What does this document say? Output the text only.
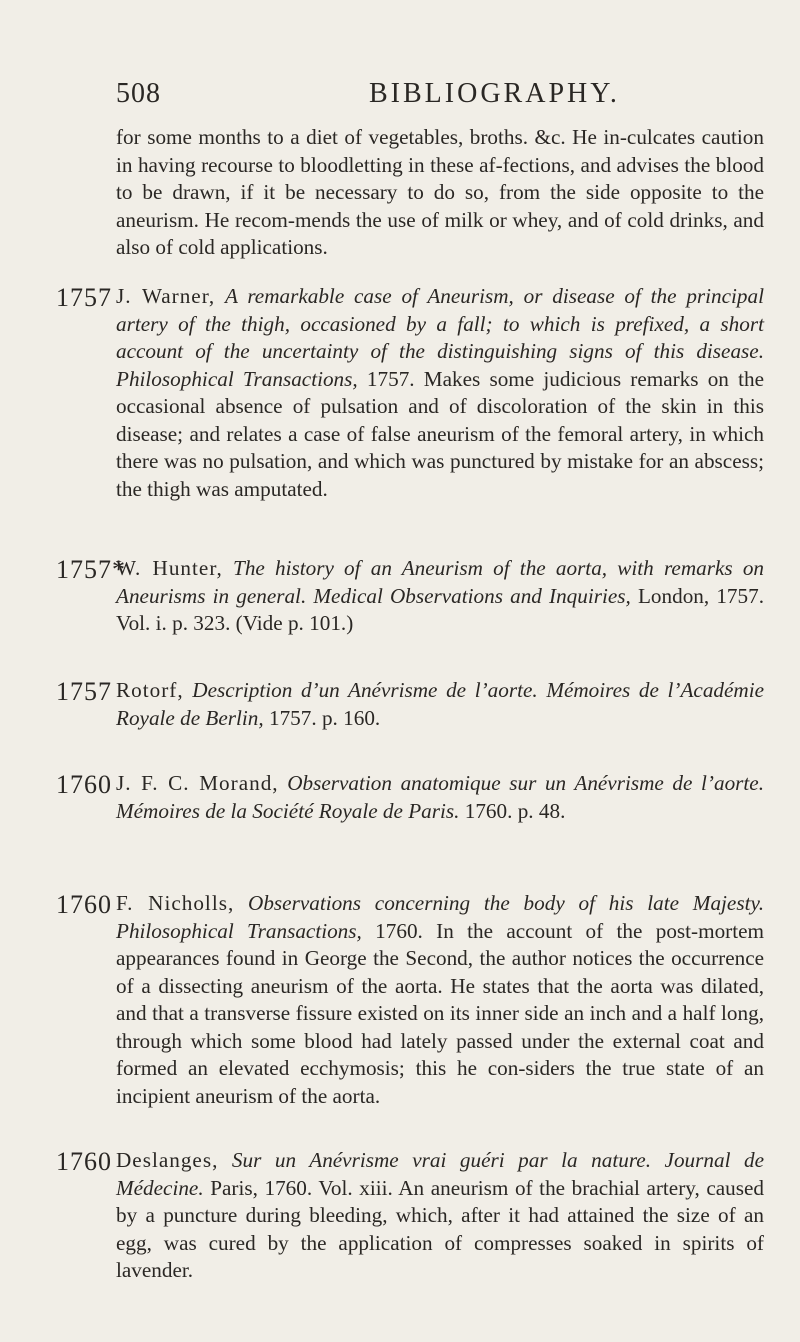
508	BIBLIOGRAPHY.

for some months to a diet of vegetables, broths. &c. He in-culcates caution in having recourse to bloodletting in these af-fections, and advises the blood to be drawn, if it be necessary to do so, from the side opposite to the aneurism. He recom-mends the use of milk or whey, and of cold drinks, and also of cold applications.

1757 J. Warner, A remarkable case of Aneurism, or disease of the principal artery of the thigh, occasioned by a fall; to which is prefixed, a short account of the uncertainty of the distinguishing signs of this disease. Philosophical Transactions, 1757. Makes some judicious remarks on the occasional absence of pulsation and of discoloration of the skin in this disease; and relates a case of false aneurism of the femoral artery, in which there was no pulsation, and which was punctured by mistake for an abscess; the thigh was amputated.

1757*

W. Hunter, The history of an Aneurism of the aorta, with remarks on Aneurisms in general. Medical Observations and Inquiries, London, 1757. Vol. i. p. 323. (Vide p. 101.)

1757 Rotorf, Description d’un Anévrisme de l’aorte. Mémoires de l’Académie Royale de Berlin, 1757. p. 160.

1760 J. F. C. Morand, Observation anatomique sur un Anévrisme de l’aorte. Mémoires de la Société Royale de Paris. 1760. p. 48.

1760 F. Nicholls, Observations concerning the body of his late Majesty. Philosophical Transactions, 1760. In the account of the post-mortem appearances found in George the Second, the author notices the occurrence of a dissecting aneurism of the aorta. He states that the aorta was dilated, and that a transverse fissure existed on its inner side an inch and a half long, through which some blood had lately passed under the external coat and formed an elevated ecchymosis; this he con-siders the true state of an incipient aneurism of the aorta.

1760 Deslanges, Sur un Anévrisme vrai guéri par la nature. Journal de Médecine. Paris, 1760. Vol. xiii. An aneurism of the brachial artery, caused by a puncture during bleeding, which, after it had attained the size of an egg, was cured by the application of compresses soaked in spirits of lavender.
